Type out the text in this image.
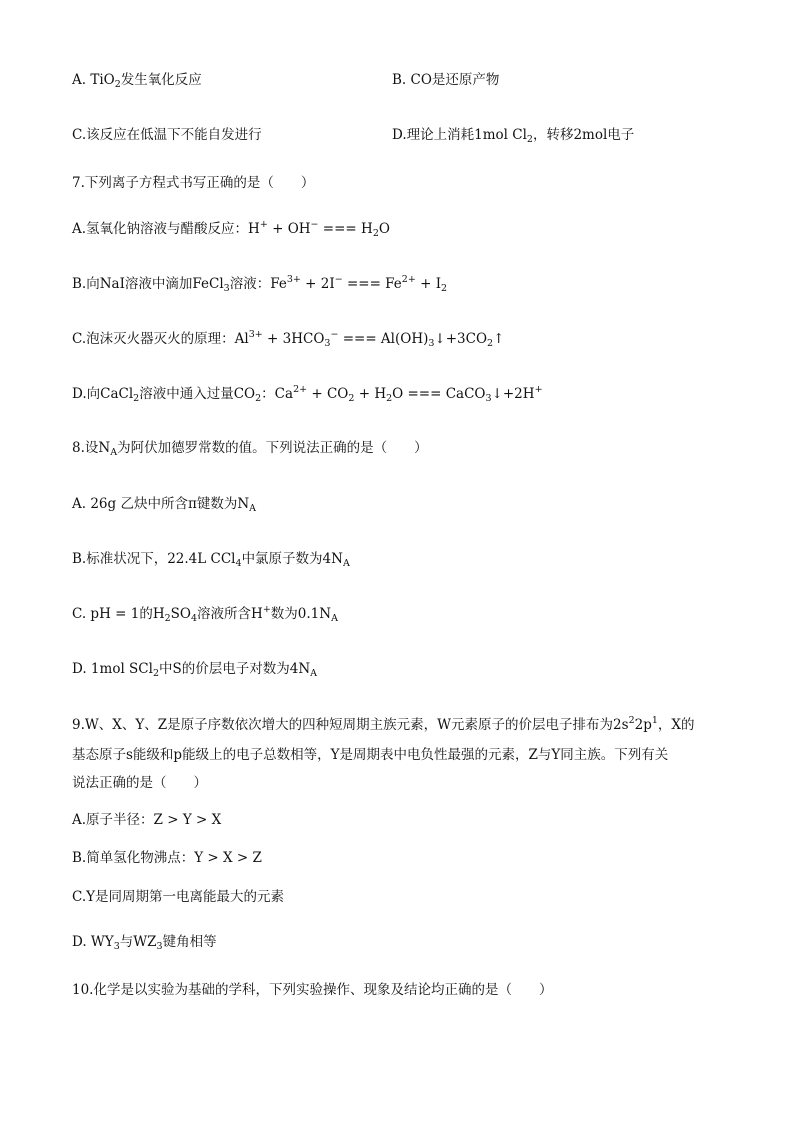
A. TiO$_2$发生氧化反应	B. CO是还原产物
C.该反应在低温下不能自发进行	D.理论上消耗1mol $Cl_2$，转移2mol电子
7.下列离子方程式书写正确的是（　　）
A.氢氧化钠溶液与醋酸反应：H+ + OH− === $H_2O$
B.向NaI溶液中滴加FeCl$_3$溶液：$Fe^{3+} + 2I^-$ === $Fe^{2+} + I_2$
C.泡沫灭火器灭火的原理：$Al^{3+} + 3HCO_3^-$ === $Al(OH)_3↓+3CO_2↑$
D.向CaCl$_2$溶液中通入过量$CO_2$：$Ca^{2+} + CO_2 + H_2O$ === CaCO$_3$↓+2H+
8.设$N_A$为阿伏加德罗常数的值。下列说法正确的是（　　）
A. 26g 乙炔中所含π键数为$N_A$
B.标准状况下，22.4L CCl$_4$中氯原子数为$4N_A$
C. pH = 1的$H_2SO_4$溶液所含H+数为$0.1N_A$
D. 1mol SCl$_2$中S的价层电子对数为$4N_A$
9.W、X、Y、Z是原子序数依次增大的四种短周期主族元素，W元素原子的价层电子排布为$2s^22p^1$，X的
基态原子s能级和p能级上的电子总数相等，Y是周期表中电负性最强的元素，Z与Y同主族。下列有关
说法正确的是（　　）
A.原子半径：Z > Y > X
B.简单氢化物沸点：Y > X > Z
C.Y是同周期第一电离能最大的元素
D. $WY_3$与$WZ_3$键角相等
10.化学是以实验为基础的学科，下列实验操作、现象及结论均正确的是（　　）
